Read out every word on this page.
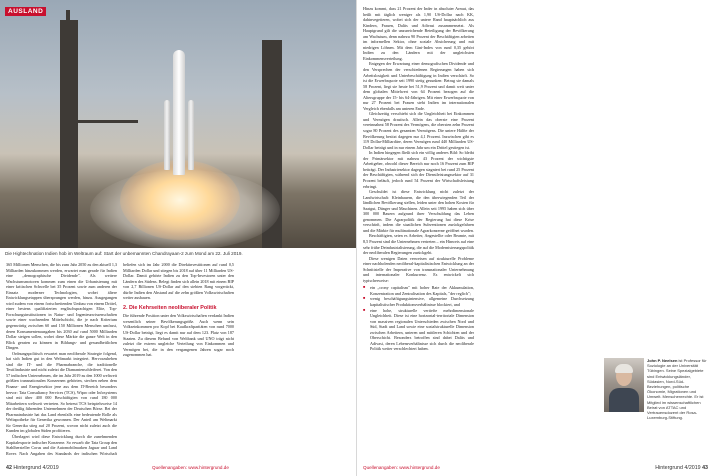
AUSLAND
Die Hightechnation Indien hob im Weltraum auf: Start der unbemannten Chandrayaan-2 zum Mond am 22. Juli 2019.

365 Millionen Menschen, die bis zum Jahr 2050 zu den aktuell 1,3 Milliarden hinzukommen werden, erwartet man gerade für Indien eine „demographische Dividende". Als weitere Wachstumsmotoren kommen zum einen die Urbanisierung mit einer kritischen Schwelle bei 35 Prozent sowie zum anderen der Einsatz moderner Technologien, wobei ältere Entwicklungsetappen übersprungen werden, hinzu. Ausgegangen wird zudem von einem fortschreitenden Umbau von einem Drittel, einer bestens qualifizierten englischsprachigen Elite, Top-Forschungsinstitutionen in Natur- und Ingenieurwissenschaften sowie einer wachsenden Mittelschicht, die je nach Kriterium gegenwärtig zwischen 60 und 150 Millionen Menschen umfasst, deren Konsumentenausgaben bis 2030 auf rund 5000 Milliarden Dollar steigen sollen, wobei diese Märkte die ganze Welt in den Blick geraten zu können in Bildungs- und gesundheitlichen Dingen.

Ordnungspolitisch erwartet man neoliberale Strategie folgend, hat sich Indien gut in den Weltmarkt integriert. Hervorzuheben sind die IT- und die Pharmabranche, die traditionelle Textilindustrie und nicht zuletzt die Diamantenschleiferei. Von den 57 indischen Unternehmen, die im Jahr 2019 zu den 1000 weltweit größten transnationalen Konzernen gehörten, stechen neben dem Finanz- und Energiesektor jene aus dem IT-Bereich besonders hervor: Tata Consultancy Services (TCS), Wipro oder Infosystems sind mit über 400 000 Beschäftigten von rund 180 000 Mitarbeitern weltweit vertreten. So betreut TCS beispielsweise 14 der dreißig führenden Unternehmen der Deutschen Börse. Bei der Pharmaindustrie hat das Land ebenfalls eine bedeutende Rolle als Weltapotheke für Generika gewonnen. Der Anteil am Weltmarkt für Generika stieg auf 20 Prozent, wovon nicht zuletzt auch die Kunden im globalen Süden profitieren.

Überlagert wird diese Entwicklung durch die zunehmenden Kapitalexporte indischer Konzerne. So erwarb die Tata Group den Stahlhersteller Corus und die Automobilmarken Jaguar und Land Rover. Nach Angaben des Standards der indischen Wirtschaft beliefen sich im Jahr 2000 die Direktinvestitionen auf rund 0,5 Milliarden Dollar und stiegen bis 2018 auf über 11 Milliarden US-Dollar. Damit gehörte Indien zu den Top-Investoren unter den Ländern des Südens. Belegt finden sich allein 2018 mit einem BIP von 2,7 Billionen US-Dollar auf den siebten Rang vorgerückt, dürfte Indien den Abstand auf die zehn größten Volkswirtschaften weiter ausbauen.

2. Die Kehrseiten neoliberaler Politik

Die führende Position unter den Volkswirtschaften verdankt Indien wesentlich seiner Bevölkerungsgröße. Auch wenn sein Volkseinkommen pro Kopf bei Kaufkraftparitäten von rund 7000 US-Dollar beträgt, liegt es damit nur auf dem 123. Platz von 187 Staaten. Zu diesem Befund von Weltbank und UNO trägt nicht zuletzt die extrem ungleiche Verteilung von Einkommen und Vermögen bei, die in den vergangenen Jahren sogar noch zugenommen hat.

42 Hintergrund 4/2019	Quellenangaben: www.hintergrund.de

Hinzu kommt, dass 21 Prozent der Inder in absoluter Armut, das heißt mit täglich weniger als 1,90 US-Dollar nach KK, dahinvegetieren, wobei sich der untere Rand hauptsächlich aus Kindern, Frauen, Dalits und Adivasi zusammensetzt. Als Hauptgrund gilt die unzureichende Beteiligung der Bevölkerung am Wachstum, denn nahezu 90 Prozent der Beschäftigten arbeiten im informellen Sektor, ohne soziale Absicherung und mit niedrigen Löhnen. Mit dem Gini-Index von rund 0,35 gehört Indien zu den Ländern mit der ungleichsten Einkommensverteilung.

Entgegen der Erwartung einer demografischen Dividende und den Versprechen der verschiedenen Regierungen haben sich Arbeitslosigkeit und Unterbeschäftigung in Indien verschärft. So ist die Erwerbsquote seit 1990 stetig gesunken: Betrug sie damals 58 Prozent, liegt sie heute bei 51,9 Prozent und damit weit unter dem globalen Mittelwert von 64 Prozent bezogen auf die Altersgruppe der 15- bis 64-Jährigen. Mit einer Erwerbsquote von nur 27 Prozent bei Frauen steht Indien im internationalen Vergleich ebenfalls am unteren Ende.

Gleichzeitig verschiebt sich die Ungleichheit bei Einkommen und Vermögen drastisch. Allein das oberste eine Prozent vereinnahmt 58 Prozent des Vermögens, die obersten zehn Prozent sogar 80 Prozent des gesamten Vermögens. Die untere Hälfte der Bevölkerung besitzt dagegen nur 4,1 Prozent. Inzwischen gibt es 119 Dollar-Milliardäre, deren Vermögen rund 440 Milliarden US-Dollar beträgt und in nur einem Jahr um ein Drittel gestiegen ist.

In Indien hingegen fließt sich ein völlig anderes Bild: So bleibt der Primärsektor mit nahezu 43 Prozent der wichtigste Arbeitgeber, obwohl dieser Bereich nur noch 16 Prozent zum BIP beiträgt. Der Industriesektor dagegen stagniert bei rund 25 Prozent der Beschäftigten, während sich der Dienstleistungssektor auf 31 Prozent beläuft, jedoch rund 54 Prozent der Wirtschaftsleistung erbringt.

Geschuldet ist diese Entwicklung nicht zuletzt der Landwirtschaft: Kleinbauern, die den überwiegenden Teil der ländlichen Bevölkerung stellen, leiden unter den hohen Kosten für Saatgut, Dünger und Maschinen. Allein seit 1995 haben sich über 300 000 Bauern aufgrund ihrer Verschuldung das Leben genommen. Die Agrarpolitik der Regierung hat diese Krise verschärft, indem die staatlichen Subventionen zurückgefahren und die Märkte für multinationale Agrarkonzerne geöffnet wurden.

Beschäftigten, seien es Arbeiter, Angestellte oder Beamte, mit 8,5 Prozent sind die Unternehmen vertreten – ein Hinweis auf eine sehr frühe Deindustrialisierung, die auf die Modernisierungspolitik der neoliberalen Regierungen zurückgeht.

Diese wenigen Daten verweisen auf strukturelle Probleme einer nachholenden neoliberal-kapitalistischen Entwicklung an der Schnittstelle der Imperative von transnationaler Unternehmung und internationaler Konkurrenz. Es entwickelt sich typischerweise:

■ ein „crony capitalism" mit hoher Rate der Akkumulation, Konzentration und Zentralisation des Kapitals, "der reglich";
■ wenig beschäftigungsintensive, allgemeine Durchsetzung kapitalistischer Produktionsverhältnisse blockiert, und
■ eine hohe, strukturelle vertiefte mehrdimensionale Ungleichheit. Diese ist eine horizontal-territoriale Dimension von massiven regionalen Unterschieden zwischen Nord und Süd, Stadt und Land sowie eine sozialstrukturelle Dimension zwischen Arbeitern, unteren und mittleren Schichten und der Oberschicht. Besonders betroffen sind dabei Dalits und Adivasi, deren Lebensverhältnisse sich durch die neoliberale Politik weiter verschlechtert haben.
John P. Neelsen ist Professor für Soziologie an der Universität Tübingen. Seine Spezialgebiete sind Entwicklungsländer, Südasien, Nord-Süd-Beziehungen, politische Ökonomie, Migrationen und Umwelt. Menschenrechte. Er ist Mitglied im wissenschaftlichen Beirat von ATTAC und Vertrauensdozent der Rosa-Luxemburg-Stiftung.
Quellenangaben: www.hintergrund.de	Hintergrund 4/2019 43
